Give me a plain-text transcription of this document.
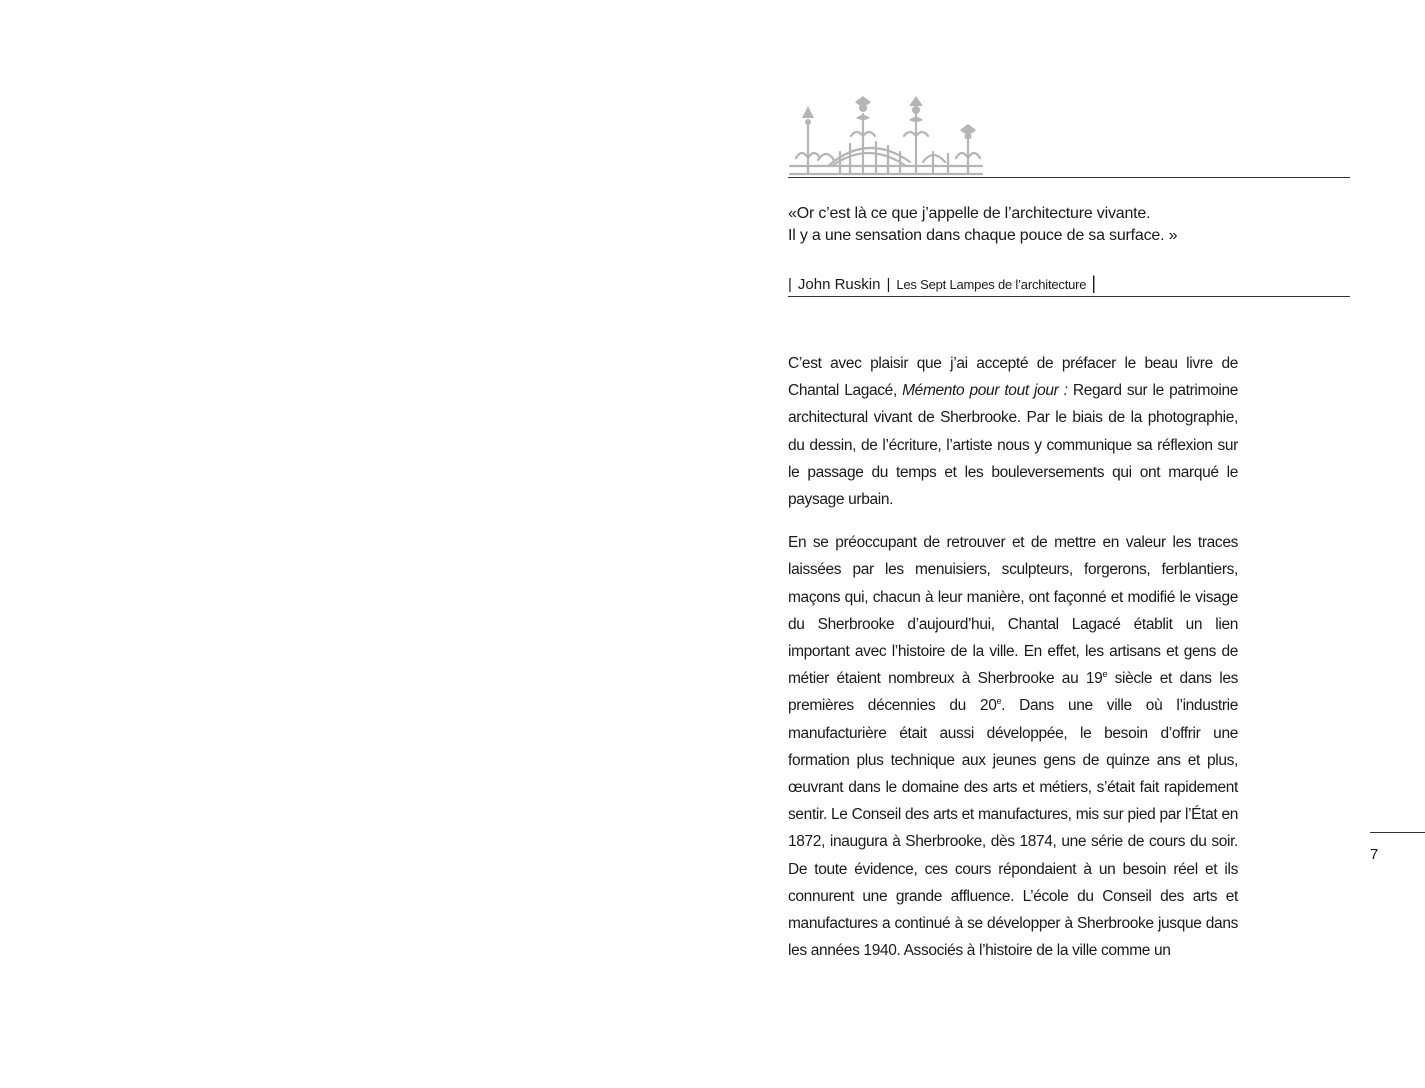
«Or c’est là ce que j’appelle de l’architecture vivante.
Il y a une sensation dans chaque pouce de sa surface. »
| John Ruskin | Les Sept Lampes de l’architecture |

C’est avec plaisir que j’ai accepté de préfacer le beau livre de Chantal Lagacé, Mémento pour tout jour : Regard sur le patrimoine architectural vivant de Sherbrooke. Par le biais de la photographie, du dessin, de l’écriture, l’artiste nous y communique sa réflexion sur le passage du temps et les bouleversements qui ont marqué le paysage urbain.

En se préoccupant de retrouver et de mettre en valeur les traces laissées par les menuisiers, sculpteurs, forgerons, ferblantiers, maçons qui, chacun à leur manière, ont façonné et modifié le visage du Sherbrooke d’aujourd’hui, Chantal Lagacé établit un lien important avec l’histoire de la ville. En effet, les artisans et gens de métier étaient nombreux à Sherbrooke au 19e siècle et dans les premières décennies du 20e. Dans une ville où l’industrie manufacturière était aussi développée, le besoin d’offrir une formation plus technique aux jeunes gens de quinze ans et plus, œuvrant dans le domaine des arts et métiers, s’était fait rapidement sentir. Le Conseil des arts et manufactures, mis sur pied par l’État en 1872, inaugura à Sherbrooke, dès 1874, une série de cours du soir. De toute évidence, ces cours répondaient à un besoin réel et ils connurent une grande affluence. L’école du Conseil des arts et manufactures a continué à se développer à Sherbrooke jusque dans les années 1940. Associés à l’histoire de la ville comme un

7
